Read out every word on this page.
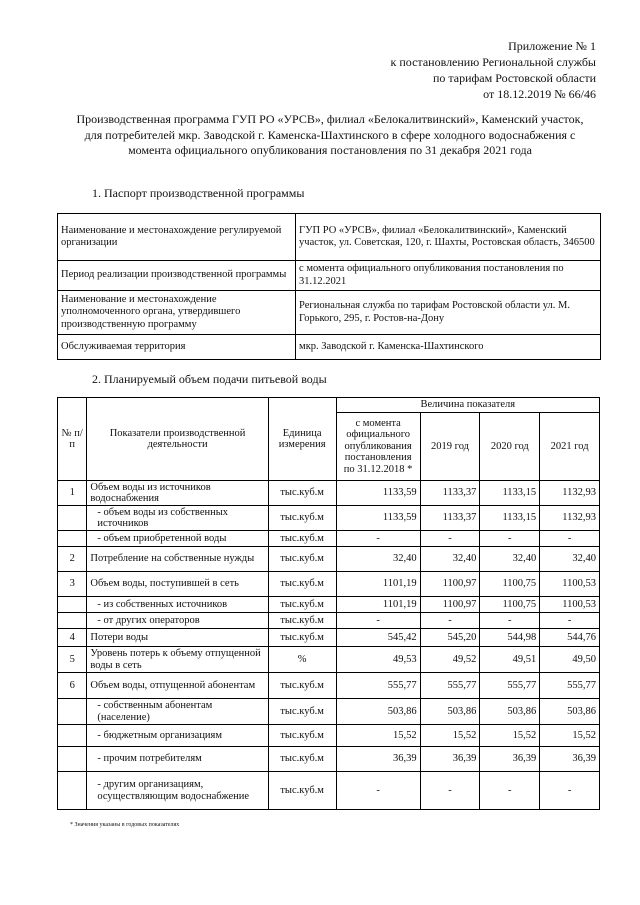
Приложение № 1
к постановлению Региональной службы
по тарифам Ростовской области
от 18.12.2019 № 66/46
Производственная программа ГУП РО «УРСВ», филиал «Белокалитвинский», Каменский участок, для потребителей мкр. Заводской г. Каменска-Шахтинского в сфере холодного водоснабжения с момента официального опубликования постановления по 31 декабря 2021 года
1. Паспорт производственной программы
Наименование и местонахождение регулируемой организации	ГУП РО «УРСВ», филиал «Белокалитвинский», Каменский участок, ул. Советская, 120, г. Шахты, Ростовская область, 346500
Период реализации производственной программы	с момента официального опубликования постановления по 31.12.2021
Наименование и местонахождение уполномоченного органа, утвердившего производственную программу	Региональная служба по тарифам Ростовской области ул. М. Горького, 295, г. Ростов-на-Дону
Обслуживаемая территория	мкр. Заводской г. Каменска-Шахтинского
2. Планируемый объем подачи питьевой воды
№ п/п	Показатели производственной деятельности	Единица измерения	Величина показателя			
			с момента официального опубликования постановления по 31.12.2018 *	2019 год	2020 год	2021 год
1	Объем воды из источников водоснабжения	тыс.куб.м	1133,59	1133,37	1133,15	1132,93
	- объем воды из собственных источников	тыс.куб.м	1133,59	1133,37	1133,15	1132,93
	- объем приобретенной воды	тыс.куб.м	-	-	-	-
2	Потребление на собственные нужды	тыс.куб.м	32,40	32,40	32,40	32,40
3	Объем воды, поступившей в сеть	тыс.куб.м	1101,19	1100,97	1100,75	1100,53
	- из собственных источников	тыс.куб.м	1101,19	1100,97	1100,75	1100,53
	- от других операторов	тыс.куб.м	-	-	-	-
4	Потери воды	тыс.куб.м	545,42	545,20	544,98	544,76
5	Уровень потерь к объему отпущенной воды в сеть	%	49,53	49,52	49,51	49,50
6	Объем воды, отпущенной абонентам	тыс.куб.м	555,77	555,77	555,77	555,77
	- собственным абонентам (население)	тыс.куб.м	503,86	503,86	503,86	503,86
	- бюджетным организациям	тыс.куб.м	15,52	15,52	15,52	15,52
	- прочим потребителям	тыс.куб.м	36,39	36,39	36,39	36,39
	- другим организациям, осуществляющим водоснабжение	тыс.куб.м	-	-	-	-
* Значения указаны в годовых показателях
